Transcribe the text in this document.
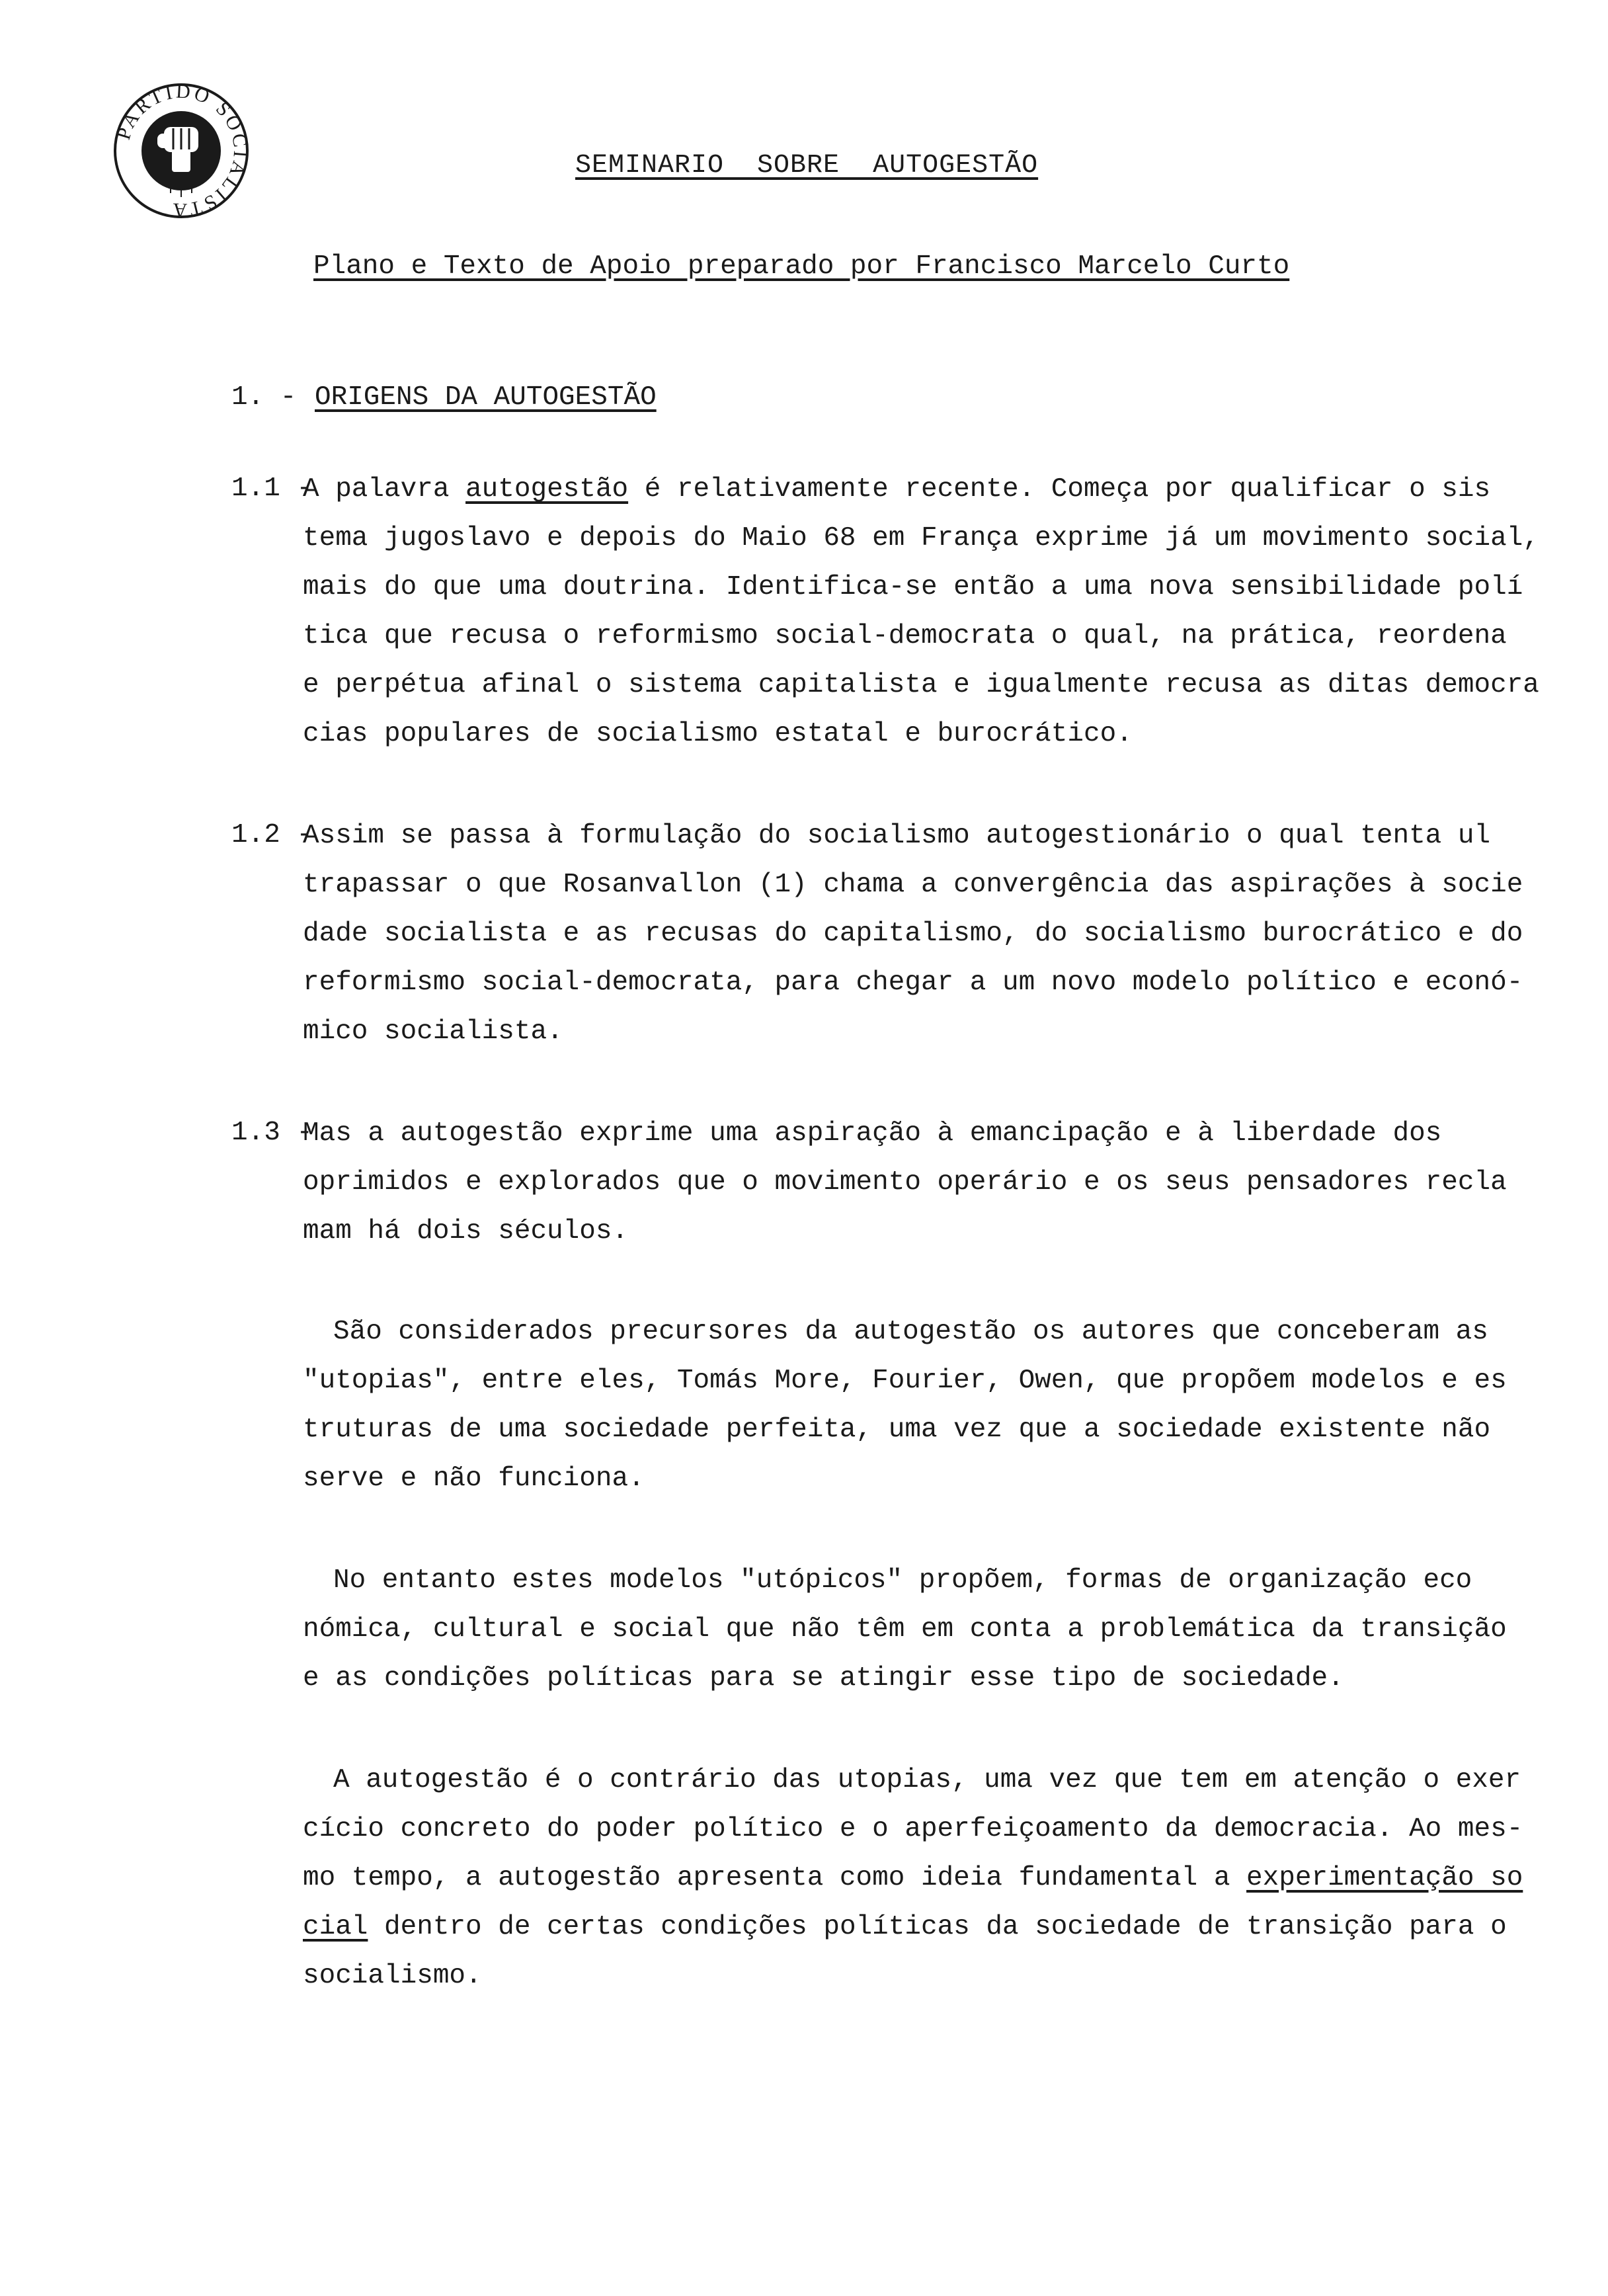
PARTIDO SOCIALISTA
SEMINARIO  SOBRE  AUTOGESTÃO
Plano e Texto de Apoio preparado por Francisco Marcelo Curto
1. - ORIGENS DA AUTOGESTÃO
1.1 -
A palavra autogestão é relativamente recente. Começa por qualificar o sis
tema jugoslavo e depois do Maio 68 em França exprime já um movimento social,
mais do que uma doutrina. Identifica-se então a uma nova sensibilidade polí
tica que recusa o reformismo social-democrata o qual, na prática, reordena
e perpétua afinal o sistema capitalista e igualmente recusa as ditas democra
cias populares de socialismo estatal e burocrático.
1.2 -
Assim se passa à formulação do socialismo autogestionário o qual tenta ul
trapassar o que Rosanvallon (1) chama a convergência das aspirações à socie
dade socialista e as recusas do capitalismo, do socialismo burocrático e do
reformismo social-democrata, para chegar a um novo modelo político e econó-
mico socialista.
1.3 -
Mas a autogestão exprime uma aspiração à emancipação e à liberdade dos
oprimidos e explorados que o movimento operário e os seus pensadores recla
mam há dois séculos.
São considerados precursores da autogestão os autores que conceberam as
"utopias", entre eles, Tomás More, Fourier, Owen, que propõem modelos e es
truturas de uma sociedade perfeita, uma vez que a sociedade existente não
serve e não funciona.
No entanto estes modelos "utópicos" propõem, formas de organização eco
nómica, cultural e social que não têm em conta a problemática da transição
e as condições políticas para se atingir esse tipo de sociedade.
A autogestão é o contrário das utopias, uma vez que tem em atenção o exer
cício concreto do poder político e o aperfeiçoamento da democracia. Ao mes-
mo tempo, a autogestão apresenta como ideia fundamental a experimentação so
cial dentro de certas condições políticas da sociedade de transição para o
socialismo.
